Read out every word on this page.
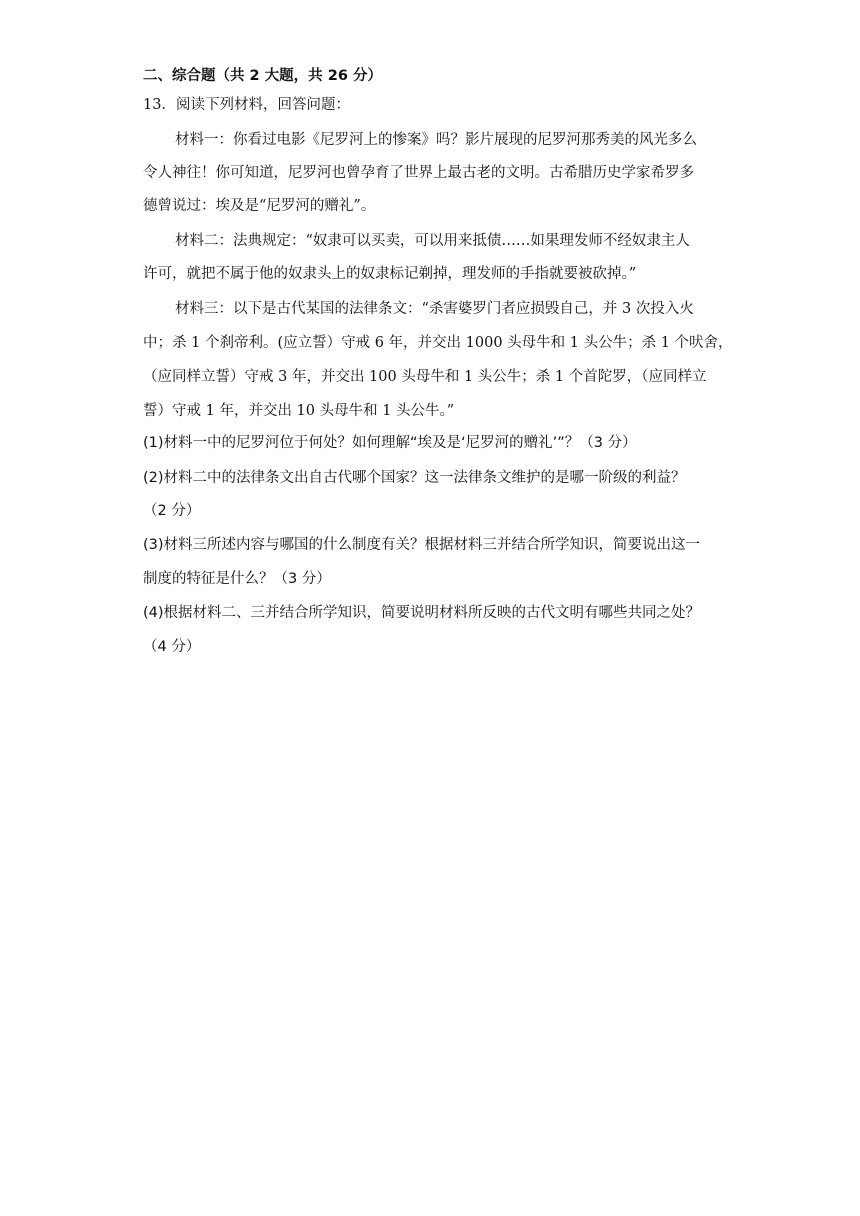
二、综合题（共 2 大题，共 26 分）
13．阅读下列材料，回答问题：
材料一：你看过电影《尼罗河上的惨案》吗？影片展现的尼罗河那秀美的风光多么
令人神往！你可知道，尼罗河也曾孕育了世界上最古老的文明。古希腊历史学家希罗多
德曾说过：埃及是“尼罗河的赠礼”。
材料二：法典规定：“奴隶可以买卖，可以用来抵债……如果理发师不经奴隶主人
许可，就把不属于他的奴隶头上的奴隶标记剃掉，理发师的手指就要被砍掉。”
材料三：以下是古代某国的法律条文：“杀害婆罗门者应损毁自己，并 3 次投入火
中；杀 1 个刹帝利。(应立誓）守戒 6 年，并交出 1000 头母牛和 1 头公牛；杀 1 个吠舍，
（应同样立誓）守戒 3 年，并交出 100 头母牛和 1 头公牛；杀 1 个首陀罗，（应同样立
誓）守戒 1 年，并交出 10 头母牛和 1 头公牛。”
(1)材料一中的尼罗河位于何处？如何理解“埃及是‘尼罗河的赠礼’”？（3 分）
(2)材料二中的法律条文出自古代哪个国家？这一法律条文维护的是哪一阶级的利益？
（2 分）
(3)材料三所述内容与哪国的什么制度有关？根据材料三并结合所学知识，简要说出这一
制度的特征是什么？（3 分）
(4)根据材料二、三并结合所学知识，简要说明材料所反映的古代文明有哪些共同之处？
（4 分）
